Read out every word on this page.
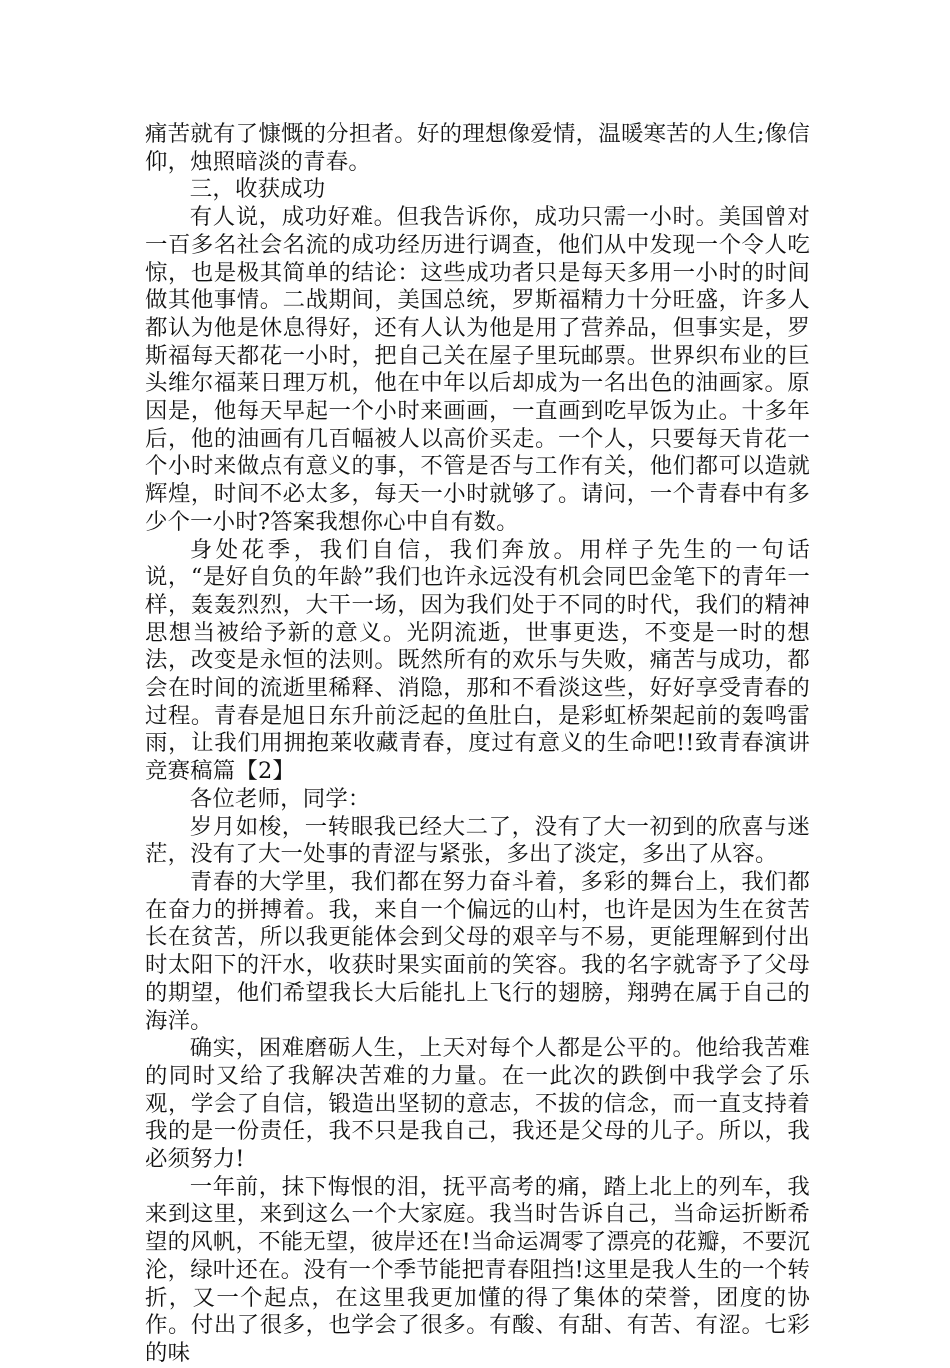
痛苦就有了慷慨的分担者。好的理想像爱情，温暖寒苦的人生;像信仰，烛照暗淡的青春。

三，收获成功

有人说，成功好难。但我告诉你，成功只需一小时。美国曾对一百多名社会名流的成功经历进行调查，他们从中发现一个令人吃惊，也是极其简单的结论：这些成功者只是每天多用一小时的时间做其他事情。二战期间，美国总统，罗斯福精力十分旺盛，许多人都认为他是休息得好，还有人认为他是用了营养品，但事实是，罗斯福每天都花一小时，把自己关在屋子里玩邮票。世界织布业的巨头维尔福莱日理万机，他在中年以后却成为一名出色的油画家。原因是，他每天早起一个小时来画画，一直画到吃早饭为止。十多年后，他的油画有几百幅被人以高价买走。一个人，只要每天肯花一个小时来做点有意义的事，不管是否与工作有关，他们都可以造就辉煌，时间不必太多，每天一小时就够了。请问，一个青春中有多少个一小时?答案我想你心中自有数。

身处花季，我们自信，我们奔放。用样子先生的一句话说，“是好自负的年龄”我们也许永远没有机会同巴金笔下的青年一样，轰轰烈烈，大干一场，因为我们处于不同的时代，我们的精神思想当被给予新的意义。光阴流逝，世事更迭，不变是一时的想法，改变是永恒的法则。既然所有的欢乐与失败，痛苦与成功，都会在时间的流逝里稀释、消隐，那和不看淡这些，好好享受青春的过程。青春是旭日东升前泛起的鱼肚白，是彩虹桥架起前的轰鸣雷雨，让我们用拥抱莱收藏青春，度过有意义的生命吧!!致青春演讲竞赛稿篇【2】

各位老师，同学：

岁月如梭，一转眼我已经大二了，没有了大一初到的欣喜与迷茫，没有了大一处事的青涩与紧张，多出了淡定，多出了从容。

青春的大学里，我们都在努力奋斗着，多彩的舞台上，我们都在奋力的拼搏着。我，来自一个偏远的山村，也许是因为生在贫苦长在贫苦，所以我更能体会到父母的艰辛与不易，更能理解到付出时太阳下的汗水，收获时果实面前的笑容。我的名字就寄予了父母的期望，他们希望我长大后能扎上飞行的翅膀，翔骋在属于自己的海洋。

确实，困难磨砺人生，上天对每个人都是公平的。他给我苦难的同时又给了我解决苦难的力量。在一此次的跌倒中我学会了乐观，学会了自信，锻造出坚韧的意志，不拔的信念，而一直支持着我的是一份责任，我不只是我自己，我还是父母的儿子。所以，我必须努力!

一年前，抹下悔恨的泪，抚平高考的痛，踏上北上的列车，我来到这里，来到这么一个大家庭。我当时告诉自己，当命运折断希望的风帆，不能无望，彼岸还在!当命运凋零了漂亮的花瓣，不要沉沦，绿叶还在。没有一个季节能把青春阻挡!这里是我人生的一个转折，又一个起点，在这里我更加懂的得了集体的荣誉，团度的协作。付出了很多，也学会了很多。有酸、有甜、有苦、有涩。七彩的味
